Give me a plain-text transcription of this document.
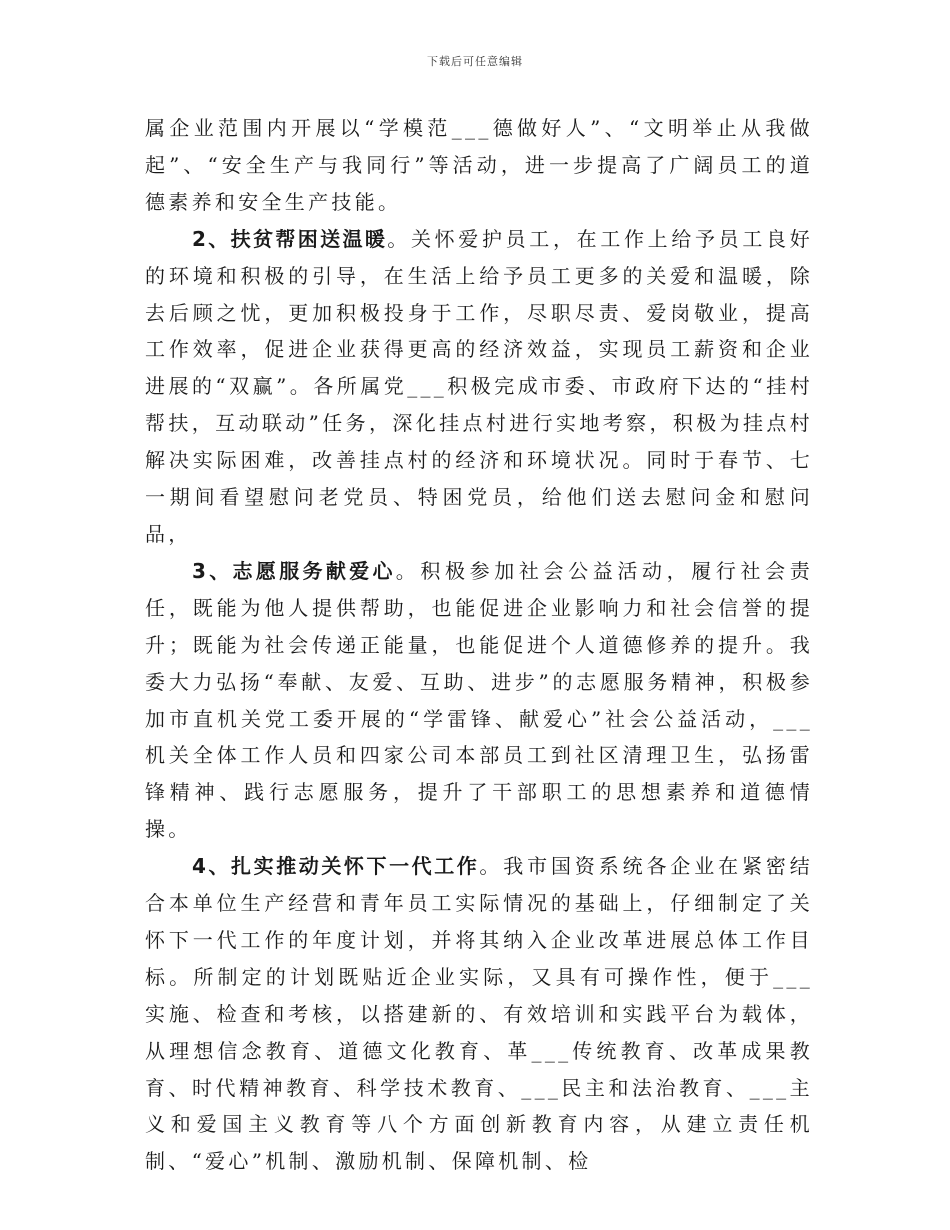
下载后可任意编辑

属企业范围内开展以“学模范___德做好人”、“文明举止从我做起”、“安全生产与我同行”等活动，进一步提高了广阔员工的道德素养和安全生产技能。

2、扶贫帮困送温暖。关怀爱护员工，在工作上给予员工良好的环境和积极的引导，在生活上给予员工更多的关爱和温暖，除去后顾之忧，更加积极投身于工作，尽职尽责、爱岗敬业，提高工作效率，促进企业获得更高的经济效益，实现员工薪资和企业进展的“双赢”。各所属党___积极完成市委、市政府下达的“挂村帮扶，互动联动”任务，深化挂点村进行实地考察，积极为挂点村解决实际困难，改善挂点村的经济和环境状况。同时于春节、七一期间看望慰问老党员、特困党员，给他们送去慰问金和慰问品，

3、志愿服务献爱心。积极参加社会公益活动，履行社会责任，既能为他人提供帮助，也能促进企业影响力和社会信誉的提升；既能为社会传递正能量，也能促进个人道德修养的提升。我委大力弘扬“奉献、友爱、互助、进步”的志愿服务精神，积极参加市直机关党工委开展的“学雷锋、献爱心”社会公益活动，___机关全体工作人员和四家公司本部员工到社区清理卫生，弘扬雷锋精神、践行志愿服务，提升了干部职工的思想素养和道德情操。

4、扎实推动关怀下一代工作。我市国资系统各企业在紧密结合本单位生产经营和青年员工实际情况的基础上，仔细制定了关怀下一代工作的年度计划，并将其纳入企业改革进展总体工作目标。所制定的计划既贴近企业实际，又具有可操作性，便于___实施、检查和考核，以搭建新的、有效培训和实践平台为载体，从理想信念教育、道德文化教育、革___传统教育、改革成果教育、时代精神教育、科学技术教育、___民主和法治教育、___主义和爱国主义教育等八个方面创新教育内容，从建立责任机制、“爱心”机制、激励机制、保障机制、检
